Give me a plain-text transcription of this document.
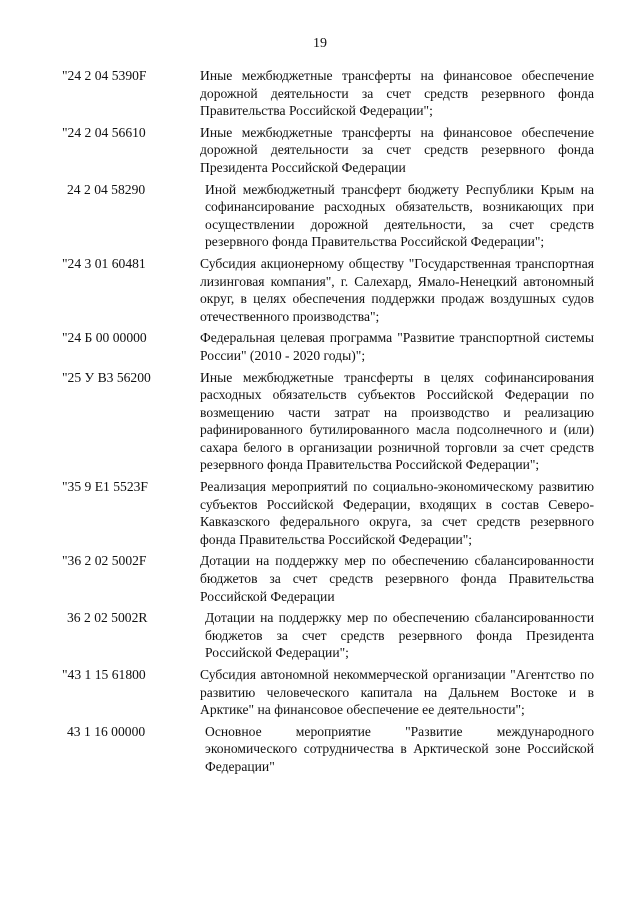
19
"24 2 04 5390F	Иные межбюджетные трансферты на финансовое обеспечение дорожной деятельности за счет средств резервного фонда Правительства Российской Федерации";
"24 2 04 56610	Иные межбюджетные трансферты на финансовое обеспечение дорожной деятельности за счет средств резервного фонда Президента Российской Федерации
24 2 04 58290	Иной межбюджетный трансферт бюджету Республики Крым на софинансирование расходных обязательств, возникающих при осуществлении дорожной деятельности, за счет средств резервного фонда Правительства Российской Федерации";
"24 3 01 60481	Субсидия акционерному обществу "Государственная транспортная лизинговая компания", г. Салехард, Ямало-Ненецкий автономный округ, в целях обеспечения поддержки продаж воздушных судов отечественного производства";
"24 Б 00 00000	Федеральная целевая программа "Развитие транспортной системы России" (2010 - 2020 годы)";
"25 У В3 56200	Иные межбюджетные трансферты в целях софинансирования расходных обязательств субъектов Российской Федерации по возмещению части затрат на производство и реализацию рафинированного бутилированного масла подсолнечного и (или) сахара белого в организации розничной торговли за счет средств резервного фонда Правительства Российской Федерации";
"35 9 Е1 5523F	Реализация мероприятий по социально-экономическому развитию субъектов Российской Федерации, входящих в состав Северо-Кавказского федерального округа, за счет средств резервного фонда Правительства Российской Федерации";
"36 2 02 5002F	Дотации на поддержку мер по обеспечению сбалансированности бюджетов за счет средств резервного фонда Правительства Российской Федерации
36 2 02 5002R	Дотации на поддержку мер по обеспечению сбалансированности бюджетов за счет средств резервного фонда Президента Российской Федерации";
"43 1 15 61800	Субсидия автономной некоммерческой организации "Агентство по развитию человеческого капитала на Дальнем Востоке и в Арктике" на финансовое обеспечение ее деятельности";
43 1 16 00000	Основное мероприятие "Развитие международного экономического сотрудничества в Арктической зоне Российской Федерации"
